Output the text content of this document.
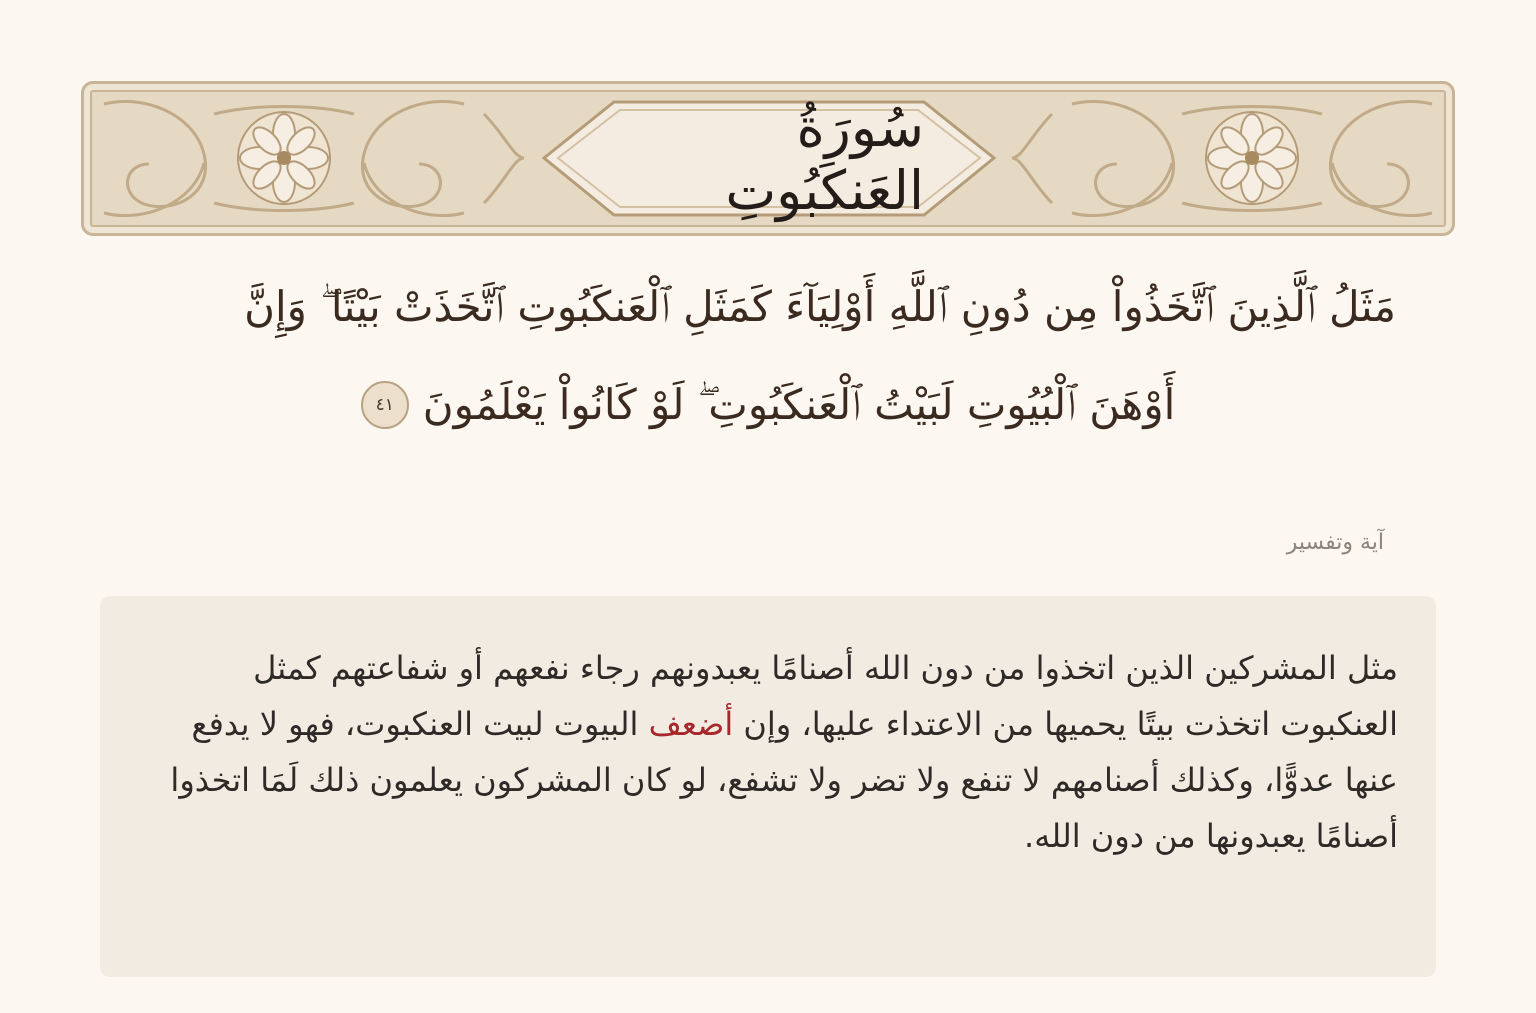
سُورَةُ العَنكَبُوتِ
مَثَلُ ٱلَّذِينَ ٱتَّخَذُواْ مِن دُونِ ٱللَّهِ أَوْلِيَآءَ كَمَثَلِ ٱلْعَنكَبُوتِ ٱتَّخَذَتْ بَيْتًا ۖ وَإِنَّ
أَوْهَنَ ٱلْبُيُوتِ لَبَيْتُ ٱلْعَنكَبُوتِ ۖ لَوْ كَانُواْ يَعْلَمُونَ
٤١
آية وتفسير
مثل المشركين الذين اتخذوا من دون الله أصنامًا يعبدونهم رجاء نفعهم أو شفاعتهم كمثل العنكبوت اتخذت بيتًا يحميها من الاعتداء عليها، وإن أضعف البيوت لبيت العنكبوت، فهو لا يدفع عنها عدوًّا، وكذلك أصنامهم لا تنفع ولا تضر ولا تشفع، لو كان المشركون يعلمون ذلك لَمَا اتخذوا أصنامًا يعبدونها من دون الله.
